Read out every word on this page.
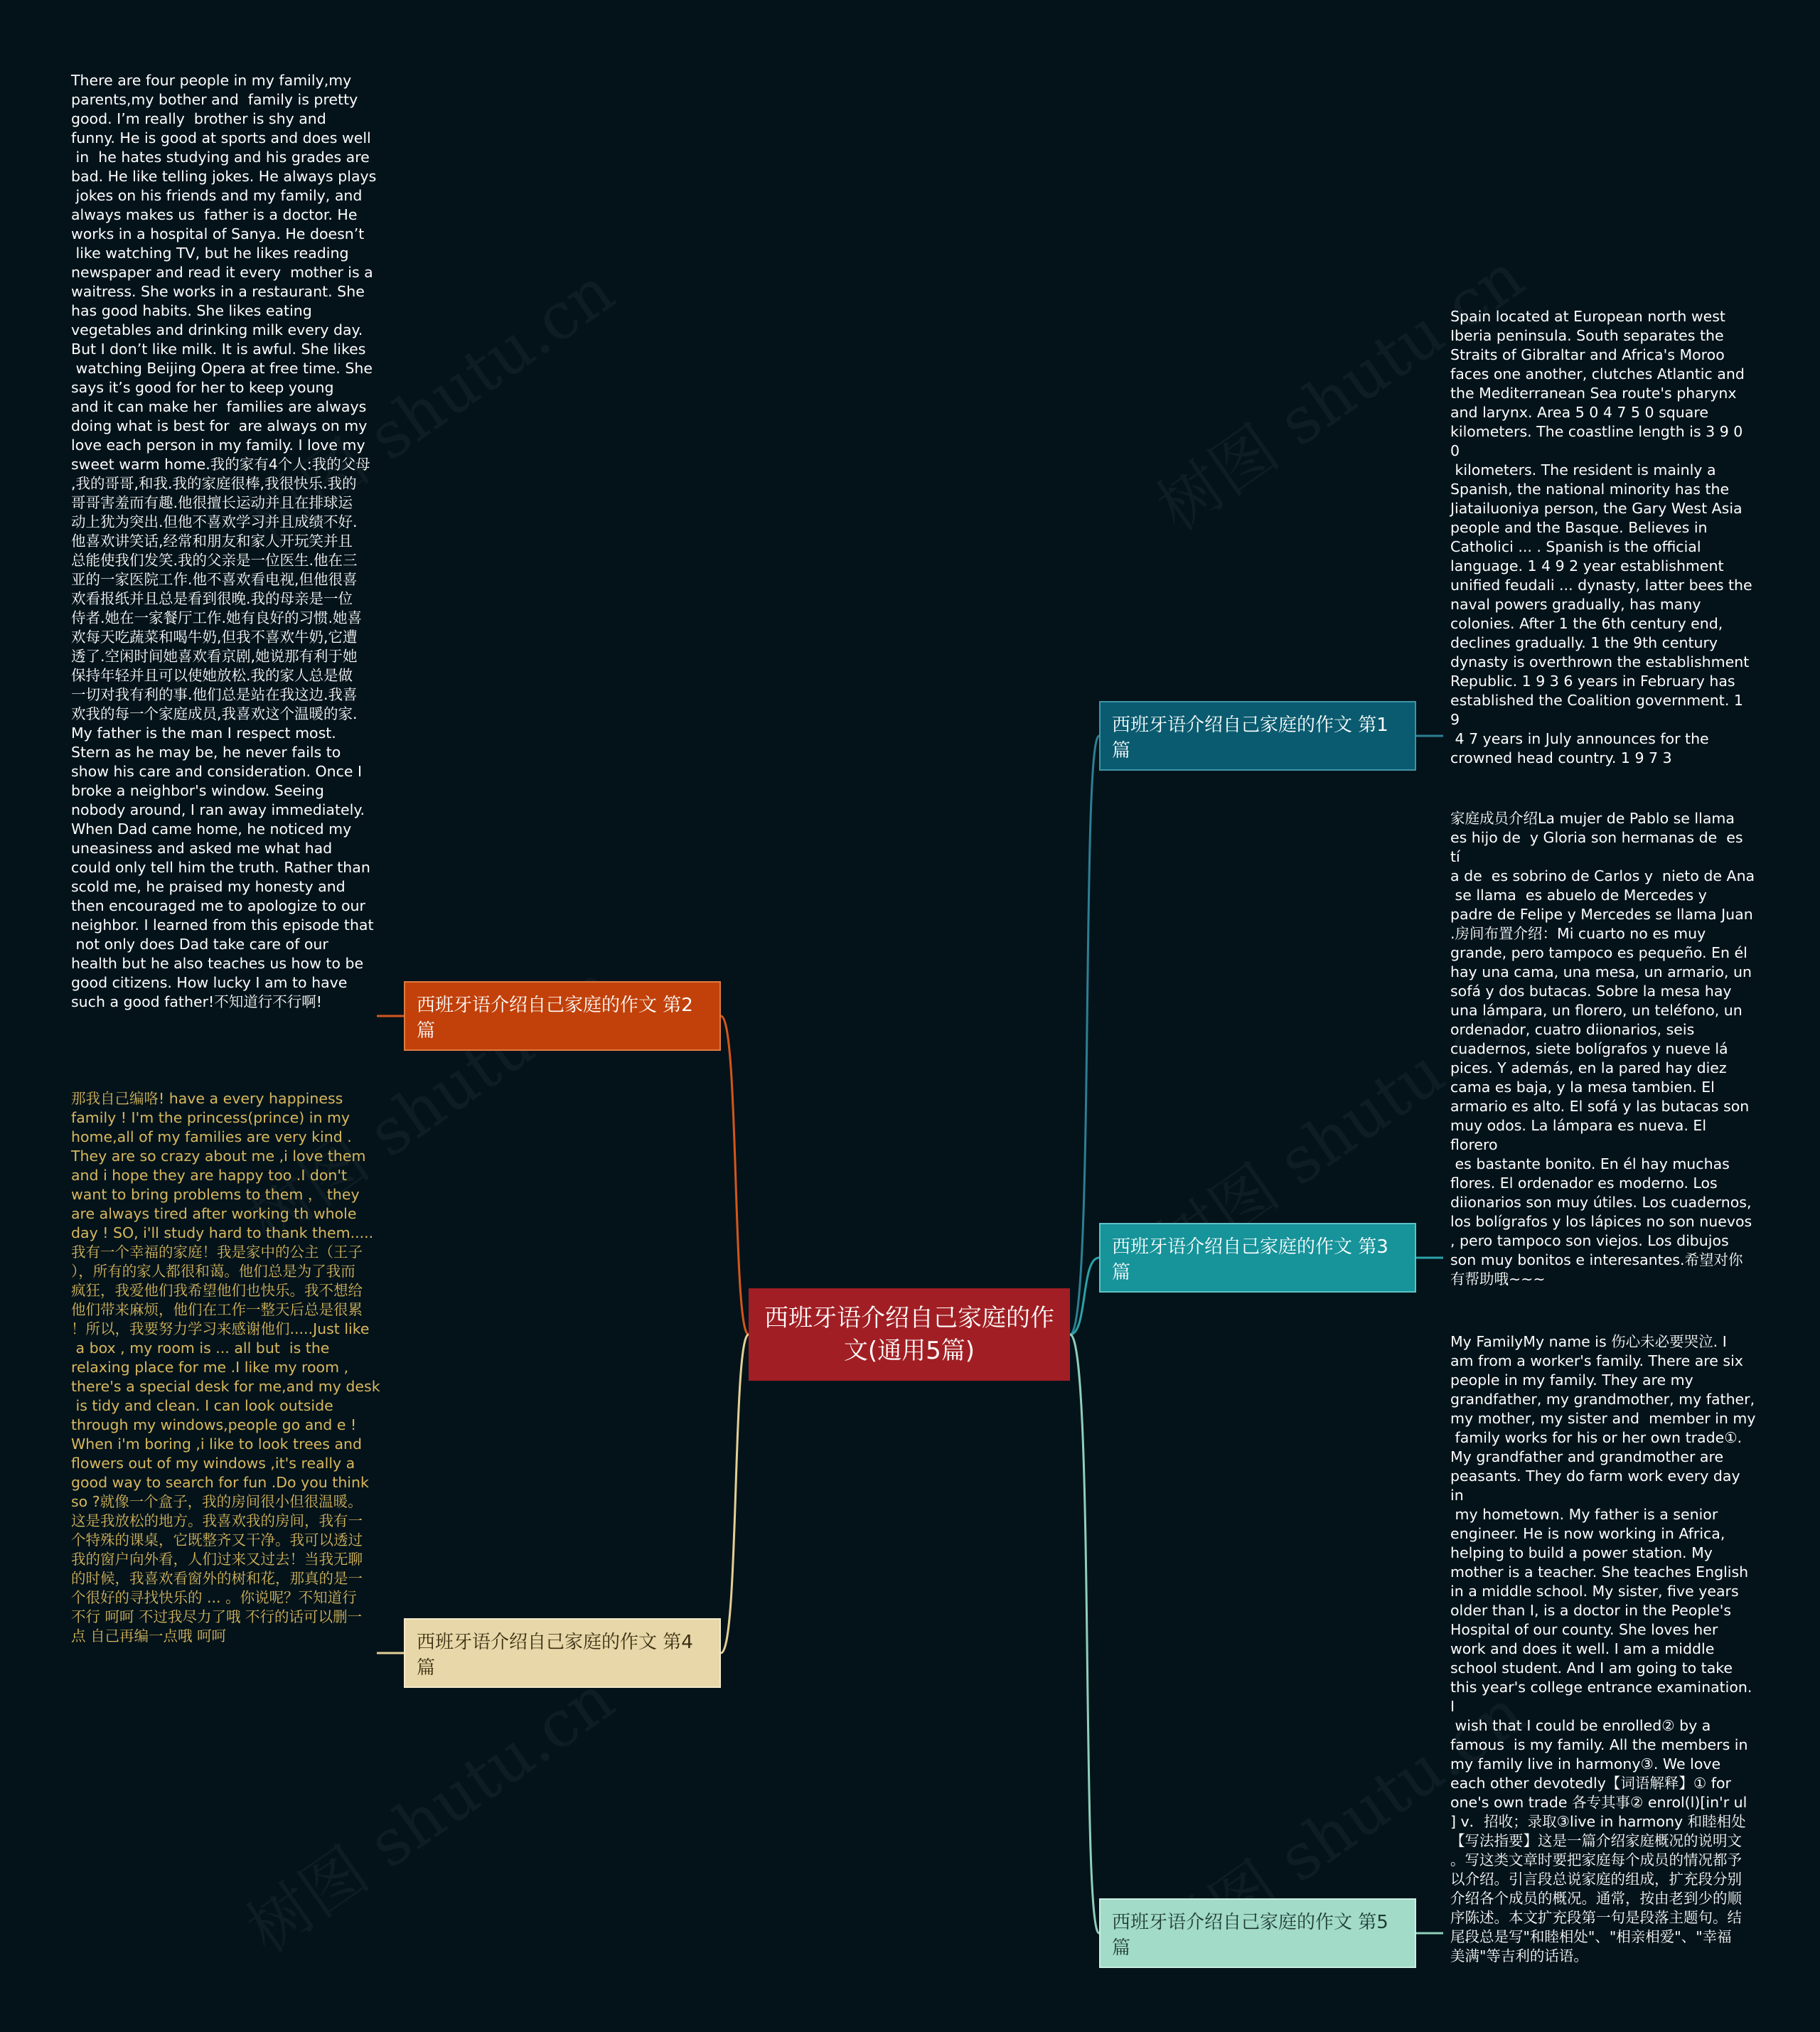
西班牙语介绍自己家庭的作文(通用5篇)
西班牙语介绍自己家庭的作文 第1篇
西班牙语介绍自己家庭的作文 第2篇
西班牙语介绍自己家庭的作文 第3篇
西班牙语介绍自己家庭的作文 第4篇
西班牙语介绍自己家庭的作文 第5篇

Spain located at European north west
Iberia peninsula. South separates the
Straits of Gibraltar and Africa's Moroo
faces one another, clutches Atlantic and
the Mediterranean Sea route's pharynx
and larynx. Area 5 0 4 7 5 0 square
kilometers. The coastline length is 3 9 0 0
kilometers. The resident is mainly a
Spanish, the national minority has the
Jiatailuoniya person, the Gary West Asia
people and the Basque. Believes in
Catholici ... . Spanish is the official
language. 1 4 9 2 year establishment
unified feudali ... dynasty, latter bees the
naval powers gradually, has many
colonies. After 1 the 6th century end,
declines gradually. 1 the 9th century
dynasty is overthrown the establishment
Republic. 1 9 3 6 years in February has
established the Coalition government. 1 9
4 7 years in July announces for the
crowned head country. 1 9 7 3

There are four people in my family,my
parents,my bother and  family is pretty
good. I’m really  brother is shy and
funny. He is good at sports and does well
in  he hates studying and his grades are
bad. He like telling jokes. He always plays
jokes on his friends and my family, and
always makes us  father is a doctor. He
works in a hospital of Sanya. He doesn’t
like watching TV, but he likes reading
newspaper and read it every  mother is a
waitress. She works in a restaurant. She
has good habits. She likes eating
vegetables and drinking milk every day.
But I don’t like milk. It is awful. She likes
watching Beijing Opera at free time. She
says it’s good for her to keep young
and it can make her  families are always
doing what is best for  are always on my
love each person in my family. I love my
sweet warm home.我的家有4个人:我的父母
,我的哥哥,和我.我的家庭很棒,我很快乐.我的
哥哥害羞而有趣.他很擅长运动并且在排球运
动上犹为突出.但他不喜欢学习并且成绩不好.
他喜欢讲笑话,经常和朋友和家人开玩笑并且
总能使我们发笑.我的父亲是一位医生.他在三
亚的一家医院工作.他不喜欢看电视,但他很喜
欢看报纸并且总是看到很晚.我的母亲是一位
侍者.她在一家餐厅工作.她有良好的习惯.她喜
欢每天吃蔬菜和喝牛奶,但我不喜欢牛奶,它遭
透了.空闲时间她喜欢看京剧,她说那有利于她
保持年轻并且可以使她放松.我的家人总是做
一切对我有利的事.他们总是站在我这边.我喜
欢我的每一个家庭成员,我喜欢这个温暖的家.
My father is the man I respect most.
Stern as he may be, he never fails to
show his care and consideration. Once I
broke a neighbor's window. Seeing
nobody around, I ran away immediately.
When Dad came home, he noticed my
uneasiness and asked me what had
could only tell him the truth. Rather than
scold me, he praised my honesty and
then encouraged me to apologize to our
neighbor. I learned from this episode that
not only does Dad take care of our
health but he also teaches us how to be
good citizens. How lucky I am to have
such a good father!不知道行不行啊!

家庭成员介绍La mujer de Pablo se llama
es hijo de  y Gloria son hermanas de  es tí
a de  es sobrino de Carlos y  nieto de Ana
se llama  es abuelo de Mercedes y
padre de Felipe y Mercedes se llama Juan
.房间布置介绍：Mi cuarto no es muy
grande, pero tampoco es pequeño. En él
hay una cama, una mesa, un armario, un
sofá y dos butacas. Sobre la mesa hay
una lámpara, un florero, un teléfono, un
ordenador, cuatro diionarios, seis
cuadernos, siete bolígrafos y nueve lá
pices. Y además, en la pared hay diez
cama es baja, y la mesa tambien. El
armario es alto. El sofá y las butacas son
muy odos. La lámpara es nueva. El florero
es bastante bonito. En él hay muchas
flores. El ordenador es moderno. Los
diionarios son muy útiles. Los cuadernos,
los bolígrafos y los lápices no son nuevos
, pero tampoco son viejos. Los dibujos
son muy bonitos e interesantes.希望对你
有帮助哦~~~

那我自己编咯! have a every happiness
family ! I'm the princess(prince) in my
home,all of my families are very kind .
They are so crazy about me ,i love them
and i hope they are happy too .I don't
want to bring problems to them ， they
are always tired after working th whole
day ! SO, i'll study hard to thank them.....
我有一个幸福的家庭！我是家中的公主（王子
），所有的家人都很和蔼。他们总是为了我而
疯狂，我爱他们我希望他们也快乐。我不想给
他们带来麻烦，他们在工作一整天后总是很累
！所以，我要努力学习来感谢他们.....Just like
a box , my room is ... all but  is the
relaxing place for me .I like my room ,
there's a special desk for me,and my desk
is tidy and clean. I can look outside
through my windows,people go and e !
When i'm boring ,i like to look trees and
flowers out of my windows ,it's really a
good way to search for fun .Do you think
so ?就像一个盒子，我的房间很小但很温暖。
这是我放松的地方。我喜欢我的房间，我有一
个特殊的课桌，它既整齐又干净。我可以透过
我的窗户向外看，人们过来又过去！当我无聊
的时候，我喜欢看窗外的树和花，那真的是一
个很好的寻找快乐的 ... 。你说呢？不知道行
不行 呵呵 不过我尽力了哦 不行的话可以删一
点 自己再编一点哦 呵呵

My FamilyMy name is 伤心未必要哭泣. I
am from a worker's family. There are six
people in my family. They are my
grandfather, my grandmother, my father,
my mother, my sister and  member in my
family works for his or her own trade①.
My grandfather and grandmother are
peasants. They do farm work every day in
my hometown. My father is a senior
engineer. He is now working in Africa,
helping to build a power station. My
mother is a teacher. She teaches English
in a middle school. My sister, five years
older than I, is a doctor in the People's
Hospital of our county. She loves her
work and does it well. I am a middle
school student. And I am going to take
this year's college entrance examination. I
wish that I could be enrolled② by a
famous  is my family. All the members in
my family live in harmony③. We love
each other devotedly【词语解释】① for
one's own trade 各专其事② enrol(l)[in'r ul
] v．招收；录取③live in harmony 和睦相处
【写法指要】这是一篇介绍家庭概况的说明文
。写这类文章时要把家庭每个成员的情况都予
以介绍。引言段总说家庭的组成，扩充段分别
介绍各个成员的概况。通常，按由老到少的顺
序陈述。本文扩充段第一句是段落主题句。结
尾段总是写"和睦相处"、"相亲相爱"、"幸福
美满"等吉利的话语。
